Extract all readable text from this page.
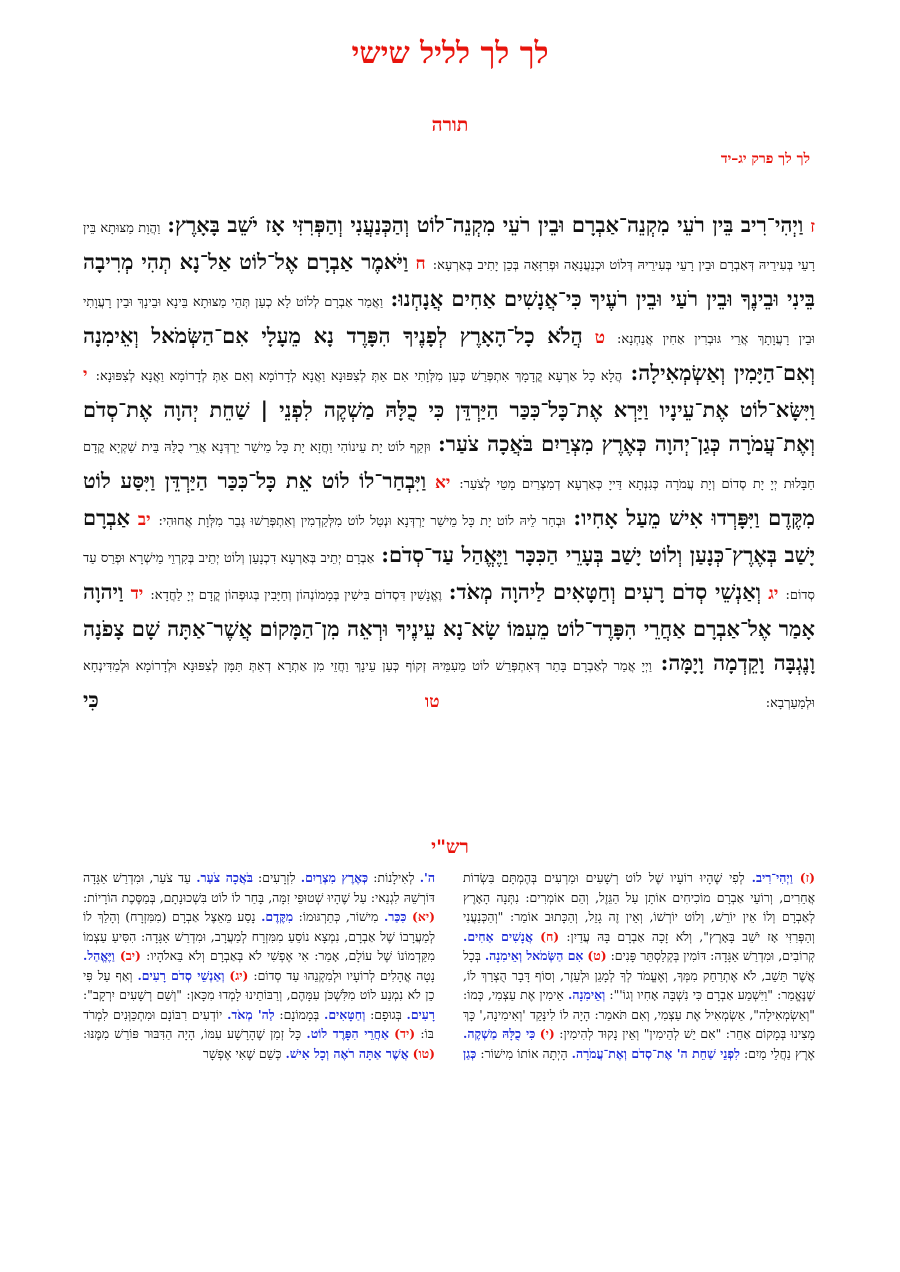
לך לך לליל שישי
תורה
לך לך פרק יג–יד

ז וַיְהִי־רִיב בֵּין רֹעֵי מִקְנֵה־אַבְרָם וּבֵין רֹעֵי מִקְנֵה־לוֹט וְהַכְּנַעֲנִי וְהַפְּרִזִּי אָז יֹשֵׁב בָּאָרֶץ: וַהֲוָת מַצּוּתָא בֵּין רָעֵי בְּעִירֵיהּ דְּאַבְרָם וּבֵין רָעֵי בְּעִירֵיהּ דְּלוֹט וּכְנַעֲנָאָה וּפְרִזָּאָה בְּכֵן יָתִיב בְּאַרְעָא: ח וַיֹּאמֶר אַבְרָם אֶל־לוֹט אַל־נָא תְהִי מְרִיבָה בֵּינִי וּבֵינֶךָ וּבֵין רֹעַי וּבֵין רֹעֶיךָ כִּי־אֲנָשִׁים אַחִים אֲנָחְנוּ: וַאֲמַר אַבְרָם לְלוֹט לָא כְעַן תְּהֵי מַצּוּתָא בֵּינָא וּבֵינָךְ וּבֵין רָעֲוָתִי וּבֵין רָעֲוָתָךְ אֲרֵי גּוּבְרִין אַחִין אֲנַחְנָא: ט הֲלֹא כָל־הָאָרֶץ לְפָנֶיךָ הִפָּרֶד נָא מֵעָלָי אִם־הַשְּׂמֹאל וְאֵימִנָה וְאִם־הַיָּמִין וְאַשְׂמְאִילָה: הֲלָא כָל אַרְעָא קֳדָמָךְ אִתְפְּרַשׁ כְּעַן מִלְּוָתִי אִם אַתְּ לְצִפּוּנָא וַאֲנָא לְדָרוֹמָא וְאִם אַתְּ לְדָרוֹמָא וַאֲנָא לְצִפּוּנָא: י וַיִּשָּׂא־לוֹט אֶת־עֵינָיו וַיַּרְא אֶת־כָּל־כִּכַּר הַיַּרְדֵּן כִּי כֻלָּהּ מַשְׁקֶה לִפְנֵי | שַׁחֵת יְהוָה אֶת־סְדֹם וְאֶת־עֲמֹרָה כְּגַן־יְהוָה כְּאֶרֶץ מִצְרַיִם בֹּאֲכָה צֹעַר: וּזְקַף לוֹט יָת עֵינוֹהִי וַחֲזָא יָת כָּל מֵישַׁר יַרְדְּנָא אֲרֵי כֻלַּהּ בֵּית שַׁקְיָא קֳדָם חַבָּלוּת יְיָ יָת סְדוֹם וְיָת עֲמֹרָה כְּגִנְּתָא דַּייָ כְּאַרְעָא דְמִצְרַיִם מָטֵי לְצֹעַר: יא וַיִּבְחַר־לוֹ לוֹט אֵת כָּל־כִּכַּר הַיַּרְדֵּן וַיִּסַּע לוֹט מִקֶּדֶם וַיִּפָּרְדוּ אִישׁ מֵעַל אָחִיו: וּבְחַר לֵיהּ לוֹט יָת כָּל מֵישַׁר יַרְדְּנָא וּנְטַל לוֹט מִלְּקַדְמִין וְאִתְפְּרַשׁוּ גְּבַר מִלְּוָת אֲחוּהִי: יב אַבְרָם יָשַׁב בְּאֶרֶץ־כְּנָעַן וְלוֹט יָשַׁב בְּעָרֵי הַכִּכָּר וַיֶּאֱהַל עַד־סְדֹם: אַבְרָם יְתֵיב בְּאַרְעָא דִכְנָעַן וְלוֹט יְתֵיב בְּקִרְוֵי מֵישְׁרָא וּפְרַס עַד סְדוֹם: יג וְאַנְשֵׁי סְדֹם רָעִים וְחַטָּאִים לַיהוָה מְאֹד: וֶאֱנָשִׁין דִּסְדוֹם בִּישִׁין בְּמָמוֹנְהוֹן וְחַיָּבִין בְּגוּפְהוֹן קֳדָם יְיָ לַחֲדָא: יד וַיהוָה אָמַר אֶל־אַבְרָם אַחֲרֵי הִפָּרֶד־לוֹט מֵעִמּוֹ שָׂא־נָא עֵינֶיךָ וּרְאֵה מִן־הַמָּקוֹם אֲשֶׁר־אַתָּה שָׁם צָפֹנָה וָנֶגְבָּה וָקֵדְמָה וָיָמָּה: וַיְיָ אֲמַר לְאַבְרָם בָּתַר דְּאִתְפְּרֵשׁ לוֹט מֵעִמֵּיהּ זְקוֹף כְּעַן עֵינָךְ וַחֲזֵי מִן אַתְרָא דְאַתְּ תַּמָּן לְצִפּוּנָא וּלְדָרוֹמָא וּלְמַדִּינְחָא וּלְמַעַרְבָא: טו כִּי

רש"י
(ז) וַיְהִי־רִיב. לְפִי שֶׁהָיוּ רוֹעָיו שֶׁל לוֹט רְשָׁעִים וּמַרְעִים בְּהֶמְתָּם בִּשְׂדוֹת אֲחֵרִים, וְרוֹעֵי אַבְרָם מוֹכִיחִים אוֹתָן עַל הַגֵּזֶל, וְהֵם אוֹמְרִים: נִתְּנָה הָאָרֶץ לְאַבְרָם וְלוֹ אֵין יוֹרֵשׁ, וְלוֹט יוֹרְשׁוֹ, וְאֵין זֶה גָזֵל, וְהַכָּתוּב אוֹמֵר: "וְהַכְּנַעֲנִי וְהַפְּרִזִּי אָז יֹשֵׁב בָּאָרֶץ", וְלֹא זָכָה אַבְרָם בָּהּ עֲדַיִן: (ח) אֲנָשִׁים אַחִים. קְרוֹבִים, וּמִדְרַשׁ אַגָּדָה: דּוֹמִין בְּקְלַסְתֵּר פָּנִים: (ט) אִם הַשְּׂמֹאל וְאֵימִנָה. בְּכָל אֲשֶׁר תֵּשֵׁב, לֹא אֶתְרַחֵק מִמְּךָ, וְאֶעֱמֹד לְךָ לְמָגֵן וּלְעֵזֶר, וְסוֹף דָּבָר הֻצְרַךְ לוֹ, שֶׁנֶּאֱמַר: "וַיִּשְׁמַע אַבְרָם כִּי נִשְׁבָּה אָחִיו וְגוֹ'": וְאֵימִנָה. אֵימִין אֶת עַצְמִי, כְּמוֹ: "וְאַשְׂמְאִילָה", אַשְׂמְאִיל אֶת עַצְמִי, וְאִם תֹּאמַר: הָיָה לוֹ לִינָּקֵד 'וְאִימִינָה,' כָּךְ מָצִינוּ בְּמָקוֹם אַחֵר: "אִם יֵשׁ לְהֵימִין" וְאֵין נָקוּד לְהִימִין: (י) כִּי כֻלָּהּ מַשְׁקֶה. אֶרֶץ נַחֲלֵי מַיִם: לִפְנֵי שַׁחֵת ה' אֶת־סְדֹם וְאֶת־עֲמֹרָה. הָיְתָה אוֹתוֹ מִישׁוֹר: כְּגַן ה'. לְאִילָנוֹת: כְּאֶרֶץ מִצְרַיִם. לִזְרָעִים: בֹּאֲכָה צֹעַר. עַד צֹעַר, וּמִדְרַשׁ אַגָּדָה דּוֹרְשֵׁהּ לִגְנַאי: עַל שֶׁהָיוּ שְׁטוּפֵי זִמָּה, בָּחַר לוֹ לוֹט בִּשְׁכוּנָתָם, בְּמַסֶּכֶת הוֹרָיוֹת: (יא) כִּכַּר. מִישׁוֹר, כְּתַרְגּוּמוֹ: מִקֶּדֶם. נָסַע מֵאֵצֶל אַבְרָם (מִמִּזְרָח) וְהָלַךְ לוֹ לְמַעֲרָבוֹ שֶׁל אַבְרָם, נִמְצָא נוֹסֵעַ מִמִּזְרָח לְמַעֲרָב, וּמִדְרַשׁ אַגָּדָה: הִסִּיעַ עַצְמוֹ מִקַּדְמוֹנוֹ שֶׁל עוֹלָם, אָמַר: אִי אֶפְשִׁי לֹא בְּאַבְרָם וְלֹא בֵּאלֹהָיו: (יב) וַיֶּאֱהַל. נָטָה אֳהָלִים לְרוֹעָיו וּלְמִקְנֵהוּ עַד סְדוֹם: (יג) וְאַנְשֵׁי סְדֹם רָעִים. וְאַף עַל פִּי כֵן לֹא נִמְנַע לוֹט מִלִּשְׁכֹּן עִמָּהֶם, וְרַבּוֹתֵינוּ לָמְדוּ מִכָּאן: "וְשֵׁם רְשָׁעִים יִרְקָב": רָעִים. בְּגוּפָם: וְחַטָּאִים. בְּמָמוֹנָם: לַה' מְאֹד. יוֹדְעִים רִבּוֹנָם וּמִתְכַּוְּנִים לִמְרֹד בּוֹ: (יד) אַחֲרֵי הִפָּרֶד לוֹט. כָּל זְמַן שֶׁהָרָשָׁע עִמּוֹ, הָיָה הַדִּבּוּר פּוֹרֵשׁ מִמֶּנּוּ: (טו) אֲשֶׁר אַתָּה רֹאֶה וְכָל אִישׁ. כְּשֵׁם שֶׁאִי אֶפְשָׁר
